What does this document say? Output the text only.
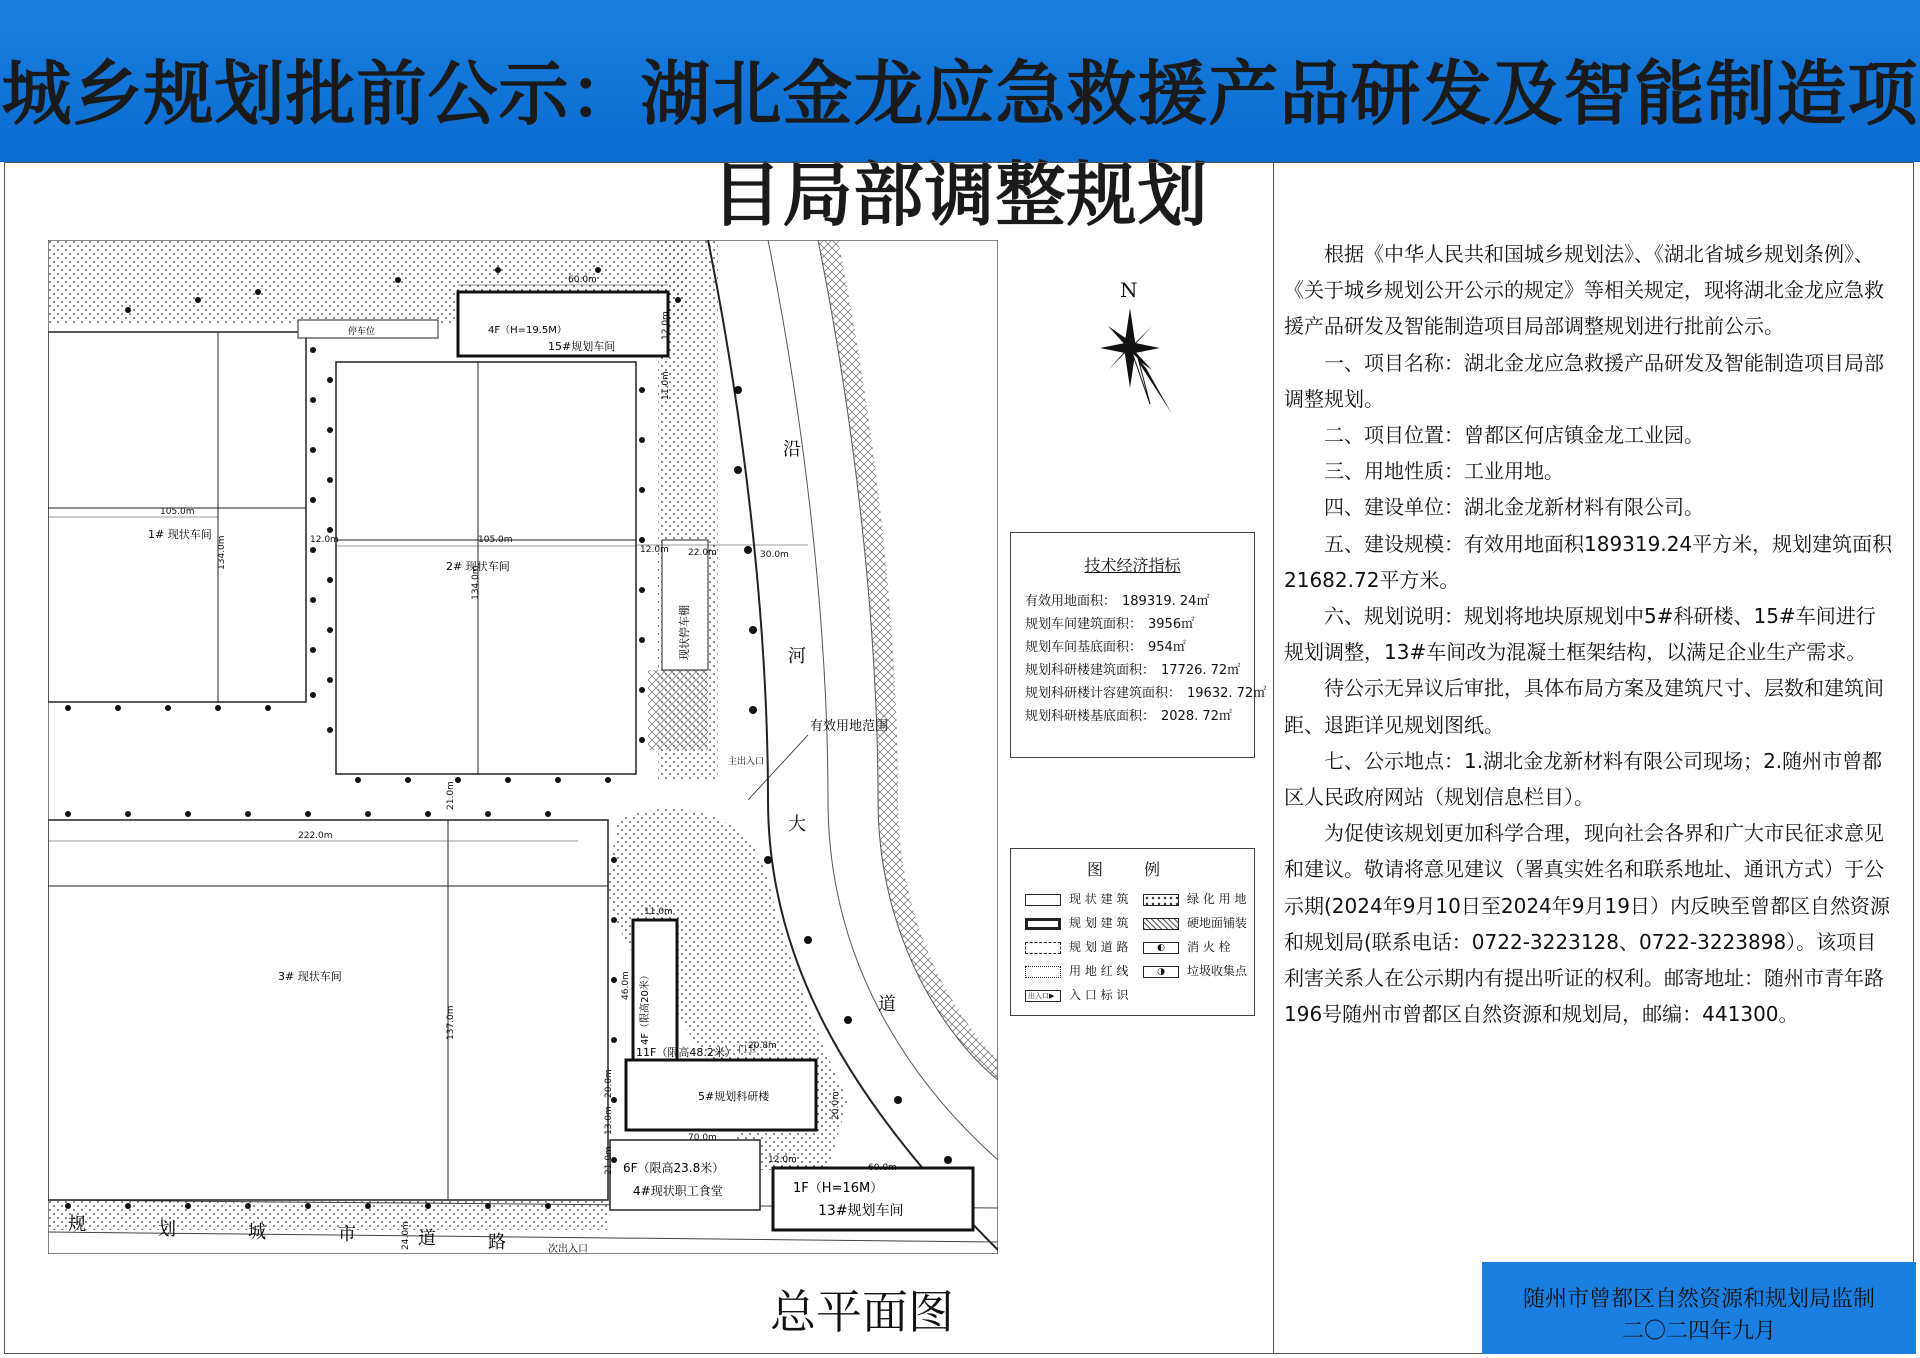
城乡规划批前公示：湖北金龙应急救援产品研发及智能制造项目局部调整规划
沿
河
大
道
规	划	城	市	道	路
有效用地范围
1# 现状车间
2# 现状车间
3# 现状车间
4F（H=19.5M）
15#规划车间
11F（限高48.2米）
5#规划科研楼
4F（限高20米）
6F（限高23.8米）
4#现状职工食堂	1F（H=16M）
13#规划车间
现状停车棚
停车位
主出入口
次出入口
门卫
60.0m
12.0m
11.0m
105.0m
105.0m
134.0m
134.0m
12.0m
12.0m 22.0m	30.0m
21.0m
222.0m
137.0m
11.0m
46.0m
20.8m
70.0m
20.0m
20.0m
60.0m
12.0m
24.0m
13.0m
21.0m
总平面图
N
技术经济指标
有效用地面积： 189319. 24㎡
规划车间建筑面积： 3956㎡
规划车间基底面积： 954㎡
规划科研楼建筑面积： 17726. 72㎡
规划科研楼计容建筑面积： 19632. 72㎡
规划科研楼基底面积： 2028. 72㎡
图 例
现 状 建 筑
规 划 建 筑
规 划 道 路
用 地 红 线
出入口▶ 入 口 标 识
绿 化 用 地
硬地面铺装
◐ 消 火 栓
◑ 垃圾收集点

根据《中华人民共和国城乡规划法》、《湖北省城乡规划条例》、《关于城乡规划公开公示的规定》等相关规定，现将湖北金龙应急救援产品研发及智能制造项目局部调整规划进行批前公示。

一、项目名称：湖北金龙应急救援产品研发及智能制造项目局部调整规划。

二、项目位置：曾都区何店镇金龙工业园。

三、用地性质：工业用地。

四、建设单位：湖北金龙新材料有限公司。

五、建设规模：有效用地面积189319.24平方米，规划建筑面积21682.72平方米。

六、规划说明：规划将地块原规划中5#科研楼、15#车间进行规划调整，13#车间改为混凝土框架结构，以满足企业生产需求。

待公示无异议后审批，具体布局方案及建筑尺寸、层数和建筑间距、退距详见规划图纸。

七、公示地点：1.湖北金龙新材料有限公司现场；2.随州市曾都区人民政府网站（规划信息栏目）。

为促使该规划更加科学合理，现向社会各界和广大市民征求意见和建议。敬请将意见建议（署真实姓名和联系地址、通讯方式）于公示期(2024年9月10日至2024年9月19日）内反映至曾都区自然资源和规划局(联系电话：0722-3223128、0722-3223898）。该项目利害关系人在公示期内有提出听证的权利。邮寄地址：随州市青年路196号随州市曾都区自然资源和规划局，邮编：441300。

随州市曾都区自然资源和规划局监制
二〇二四年九月
